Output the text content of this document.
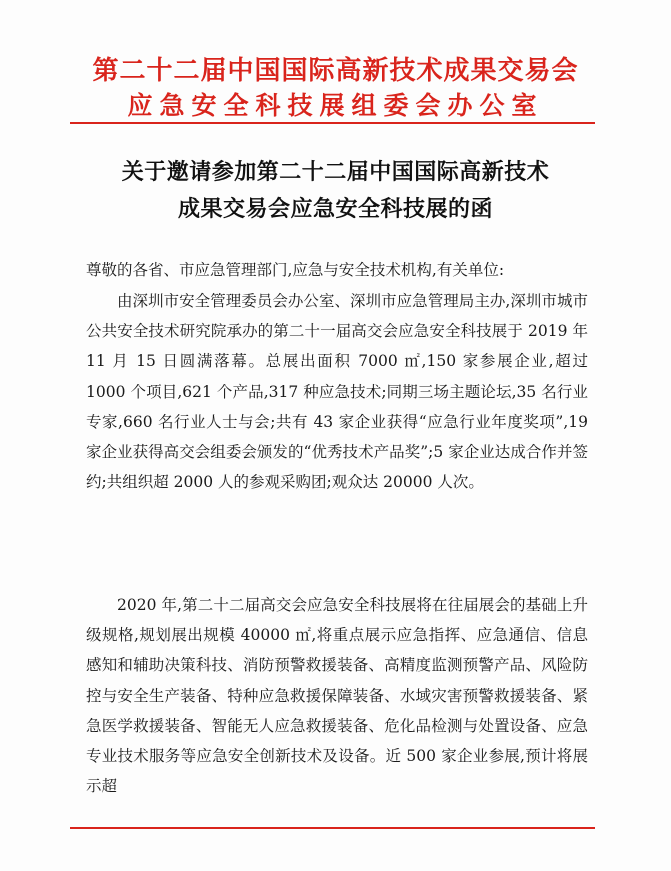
第二十二届中国国际高新技术成果交易会
应急安全科技展组委会办公室
关于邀请参加第二十二届中国国际高新技术
成果交易会应急安全科技展的函
尊敬的各省、市应急管理部门,应急与安全技术机构,有关单位:

由深圳市安全管理委员会办公室、深圳市应急管理局主办,深圳市城市公共安全技术研究院承办的第二十一届高交会应急安全科技展于 2019 年 11 月 15 日圆满落幕。总展出面积 7000 ㎡,150 家参展企业,超过 1000 个项目,621 个产品,317 种应急技术;同期三场主题论坛,35 名行业专家,660 名行业人士与会;共有 43 家企业获得“应急行业年度奖项”,19 家企业获得高交会组委会颁发的“优秀技术产品奖”;5 家企业达成合作并签约;共组织超 2000 人的参观采购团;观众达 20000 人次。

2020 年,第二十二届高交会应急安全科技展将在往届展会的基础上升级规格,规划展出规模 40000 ㎡,将重点展示应急指挥、应急通信、信息感知和辅助决策科技、消防预警救援装备、高精度监测预警产品、风险防控与安全生产装备、特种应急救援保障装备、水域灾害预警救援装备、紧急医学救援装备、智能无人应急救援装备、危化品检测与处置设备、应急专业技术服务等应急安全创新技术及设备。近 500 家企业参展,预计将展示超
